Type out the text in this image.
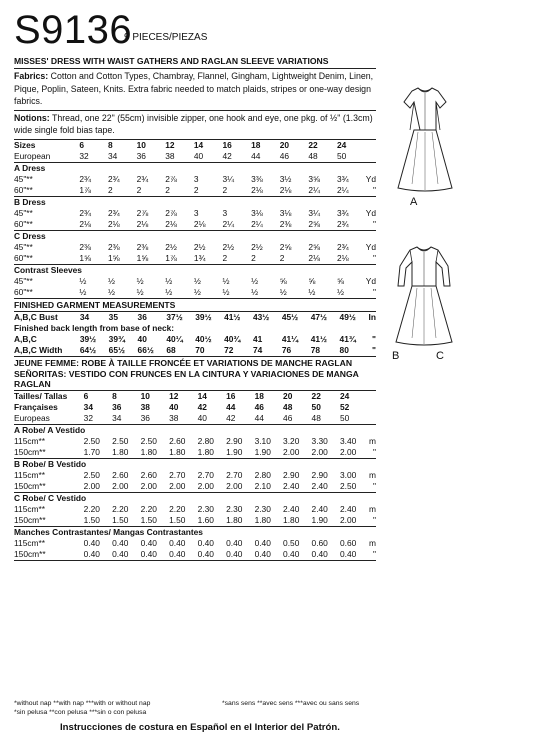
S9136
9 PIECES/PIEZAS
MISSES' DRESS WITH WAIST GATHERS AND RAGLAN SLEEVE VARIATIONS
Fabrics: Cotton and Cotton Types, Chambray, Flannel, Gingham, Lightweight Denim, Linen, Pique, Poplin, Sateen, Knits. Extra fabric needed to match plaids, stripes or one-way design fabrics.
Notions: Thread, one 22" (55cm) invisible zipper, one hook and eye, one pkg. of ½" (1.3cm) wide single fold bias tape.
Sizes	6	8	10	12	14	16	18	20	22	24	
European	32	34	36	38	40	42	44	46	48	50	
A Dress											
45"**	2¾	2¾	2¾	2⅞	3	3¼	3⅜	3½	3⅝	3¾	Yd
60"**	1⅞	2	2	2	2	2	2⅛	2⅛	2¼	2¼	"
B Dress											
45"**	2¾	2¾	2⅞	2⅞	3	3	3⅛	3⅛	3¼	3¾	Yd
60"**	2⅛	2⅛	2⅛	2⅛	2⅛	2¼	2¼	2⅜	2⅝	2¾	"
C Dress											
45"**	2⅜	2⅜	2⅜	2½	2½	2½	2½	2⅝	2⅝	2¾	Yd
60"**	1⅝	1⅝	1⅝	1⅞	1¾	2	2	2	2⅛	2⅛	"
Contrast Sleeves											
45"**	½	½	½	½	½	½	½	⅝	⅝	⅝	Yd
60"**	½	½	½	½	½	½	½	½	½	½	"
FINISHED GARMENT MEASUREMENTS
A,B,C Bust	34	35	36	37½	39½	41½	43½	45½	47½	49½	In
Finished back length from base of neck:											
A,B,C	39½	39¾	40	40¼	40½	40¾	41	41¼	41½	41¾	"
A,B,C Width	64½	65½	66½	68	70	72	74	76	78	80	"
JEUNE FEMME: ROBE À TAILLE FRONCÉE ET VARIATIONS DE MANCHE RAGLAN
SEÑORITAS: VESTIDO CON FRUNCES EN LA CINTURA Y VARIACIONES DE MANGA RAGLAN
Tailles/ Tallas	6	8	10	12	14	16	18	20	22	24	
Françaises	34	36	38	40	42	44	46	48	50	52	
Europeas	32	34	36	38	40	42	44	46	48	50	
A Robe/ A Vestido											
115cm**	2.50	2.50	2.50	2.60	2.80	2.90	3.10	3.20	3.30	3.40	m
150cm**	1.70	1.80	1.80	1.80	1.80	1.90	1.90	2.00	2.00	2.00	"
B Robe/ B Vestido											
115cm**	2.50	2.60	2.60	2.70	2.70	2.70	2.80	2.90	2.90	3.00	m
150cm**	2.00	2.00	2.00	2.00	2.00	2.00	2.10	2.40	2.40	2.50	"
C Robe/ C Vestido											
115cm**	2.20	2.20	2.20	2.20	2.30	2.30	2.30	2.40	2.40	2.40	m
150cm**	1.50	1.50	1.50	1.50	1.60	1.80	1.80	1.80	1.90	2.00	"
Manches Contrastantes/ Mangas Contrastantes											
115cm**	0.40	0.40	0.40	0.40	0.40	0.40	0.40	0.50	0.60	0.60	m
150cm**	0.40	0.40	0.40	0.40	0.40	0.40	0.40	0.40	0.40	0.40	"
*without nap **with nap ***with or without nap
*sin pelusa **con pelusa ***sin o con pelusa
*sans sens **avec sens ***avec ou sans sens
Instrucciones de costura en Español en el Interior del Patrón.
A
B	C
